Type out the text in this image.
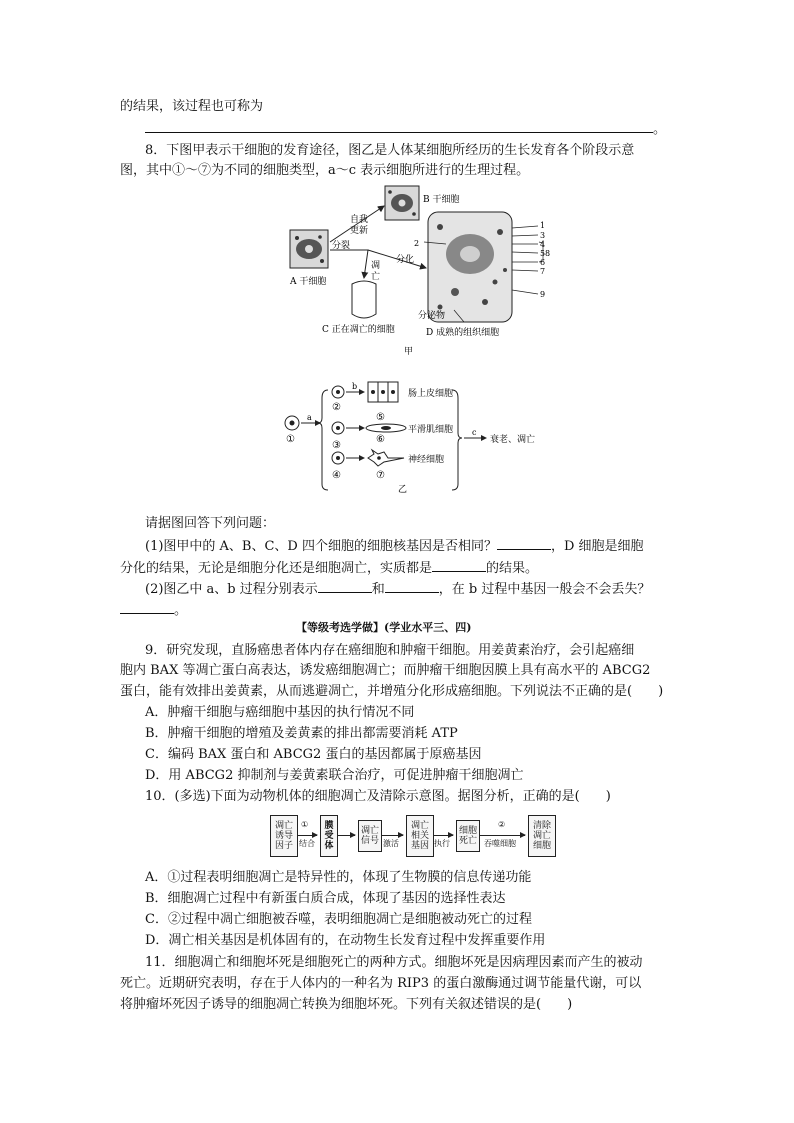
的结果，该过程也可称为
。
8．下图甲表示干细胞的发育途径，图乙是人体某细胞所经历的生长发育各个阶段示意
图，其中①～⑦为不同的细胞类型，a～c 表示细胞所进行的生理过程。
A 干细胞
B 干细胞
C 正在凋亡的细胞	D 成熟的组织细胞
自我
更新
分裂
凋
亡
分化
分泌物
甲
1
2
3
4
5
6
7
8
9
①
a
②
b
⑤
肠上皮细胞
③
⑥
平滑肌细胞
④	⑦
神经细胞
c
衰老、凋亡
乙
请据图回答下列问题：
(1)图甲中的 A、B、C、D 四个细胞的细胞核基因是否相同？	，D 细胞是细胞
分化的结果，无论是细胞分化还是细胞凋亡，实质都是	的结果。
(2)图乙中 a、b 过程分别表示	和	，在 b 过程中基因一般会不会丢失？
。
【等级考选学做】(学业水平三、四)
9．研究发现，直肠癌患者体内存在癌细胞和肿瘤干细胞。用姜黄素治疗，会引起癌细
胞内 BAX 等凋亡蛋白高表达，诱发癌细胞凋亡；而肿瘤干细胞因膜上具有高水平的 ABCG2
蛋白，能有效排出姜黄素，从而逃避凋亡，并增殖分化形成癌细胞。下列说法不正确的是(　　)
A．肿瘤干细胞与癌细胞中基因的执行情况不同
B．肿瘤干细胞的增殖及姜黄素的排出都需要消耗 ATP
C．编码 BAX 蛋白和 ABCG2 蛋白的基因都属于原癌基因
D．用 ABCG2 抑制剂与姜黄素联合治疗，可促进肿瘤干细胞凋亡
10．(多选)下面为动物机体的细胞凋亡及清除示意图。据图分析，正确的是(　　)
凋亡
诱导
因子
①
结合
膜
受
体
凋亡
信号 激活
凋亡
相关
基因 执行
细胞
死亡
②
吞噬细胞
清除
凋亡
细胞
A．①过程表明细胞凋亡是特异性的，体现了生物膜的信息传递功能
B．细胞凋亡过程中有新蛋白质合成，体现了基因的选择性表达
C．②过程中凋亡细胞被吞噬，表明细胞凋亡是细胞被动死亡的过程
D．凋亡相关基因是机体固有的，在动物生长发育过程中发挥重要作用
11．细胞凋亡和细胞坏死是细胞死亡的两种方式。细胞坏死是因病理因素而产生的被动
死亡。近期研究表明，存在于人体内的一种名为 RIP3 的蛋白激酶通过调节能量代谢，可以
将肿瘤坏死因子诱导的细胞凋亡转换为细胞坏死。下列有关叙述错误的是(　　)
